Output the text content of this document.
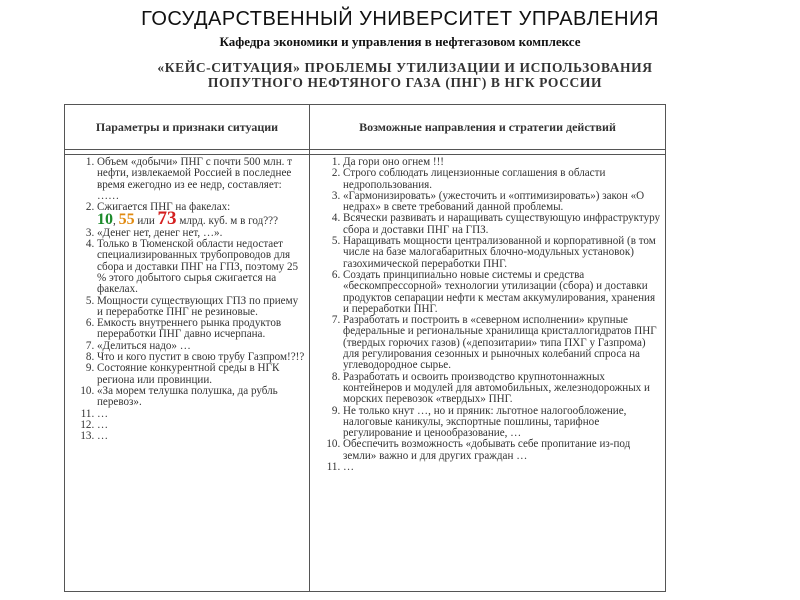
ГОСУДАРСТВЕННЫЙ УНИВЕРСИТЕТ УПРАВЛЕНИЯ
Кафедра экономики и управления в нефтегазовом комплексе
«КЕЙС-СИТУАЦИЯ» ПРОБЛЕМЫ УТИЛИЗАЦИИ И ИСПОЛЬЗОВАНИЯ
ПОПУТНОГО НЕФТЯНОГО ГАЗА (ПНГ) В НГК РОССИИ
Параметры и признаки ситуации	Возможные направления и стратегии действий
1. Объем «добычи» ПНГ с почти 500 млн. т нефти, извлекаемой Россией в последнее время ежегодно из ее недр, составляет: ……
2. Сжигается ПНГ на факелах:
10, 55 или 73 млрд. куб. м в год???
3. «Денег нет, денег нет, …».
4. Только в Тюменской области недостает специализированных трубопроводов для сбора и доставки ПНГ на ГПЗ, поэтому 25 % этого добытого сырья сжигается на факелах.
5. Мощности существующих ГПЗ по приему и переработке ПНГ не резиновые.
6. Емкость внутреннего рынка продуктов переработки ПНГ давно исчерпана.
7. «Делиться надо» …
8. Что и кого пустит в свою трубу Газпром!?!?
9. Состояние конкурентной среды в НГК региона или провинции.
10. «За морем телушка полушка, да рубль перевоз».
11. …
12. …
13. …
1. Да гори оно огнем !!!
2. Строго соблюдать лицензионные соглашения в области недропользования.
3. «Гармонизировать» (ужесточить и «оптимизировать») закон «О недрах» в свете требований данной проблемы.
4. Всячески развивать и наращивать существующую инфраструктуру сбора и доставки ПНГ на ГПЗ.
5. Наращивать мощности централизованной и корпоративной (в том числе на базе малогабаритных блочно-модульных установок) газохимической переработки ПНГ.
6. Создать принципиально новые системы и средства «бескомпрессорной» технологии утилизации (сбора) и доставки продуктов сепарации нефти к местам аккумулирования, хранения и переработки ПНГ.
7. Разработать и построить в «северном исполнении» крупные федеральные и региональные хранилища кристаллогидратов ПНГ (твердых горючих газов) («депозитарии» типа ПХГ у Газпрома) для регулирования сезонных и рыночных колебаний спроса на углеводородное сырье.
8. Разработать и освоить производство крупнотоннажных контейнеров и модулей для автомобильных, железнодорожных и морских перевозок «твердых» ПНГ.
9. Не только кнут …, но и пряник: льготное налогообложение, налоговые каникулы, экспортные пошлины, тарифное регулирование и ценообразование, …
10. Обеспечить возможность «добывать себе пропитание из-под земли» важно и для других граждан …
11. …
